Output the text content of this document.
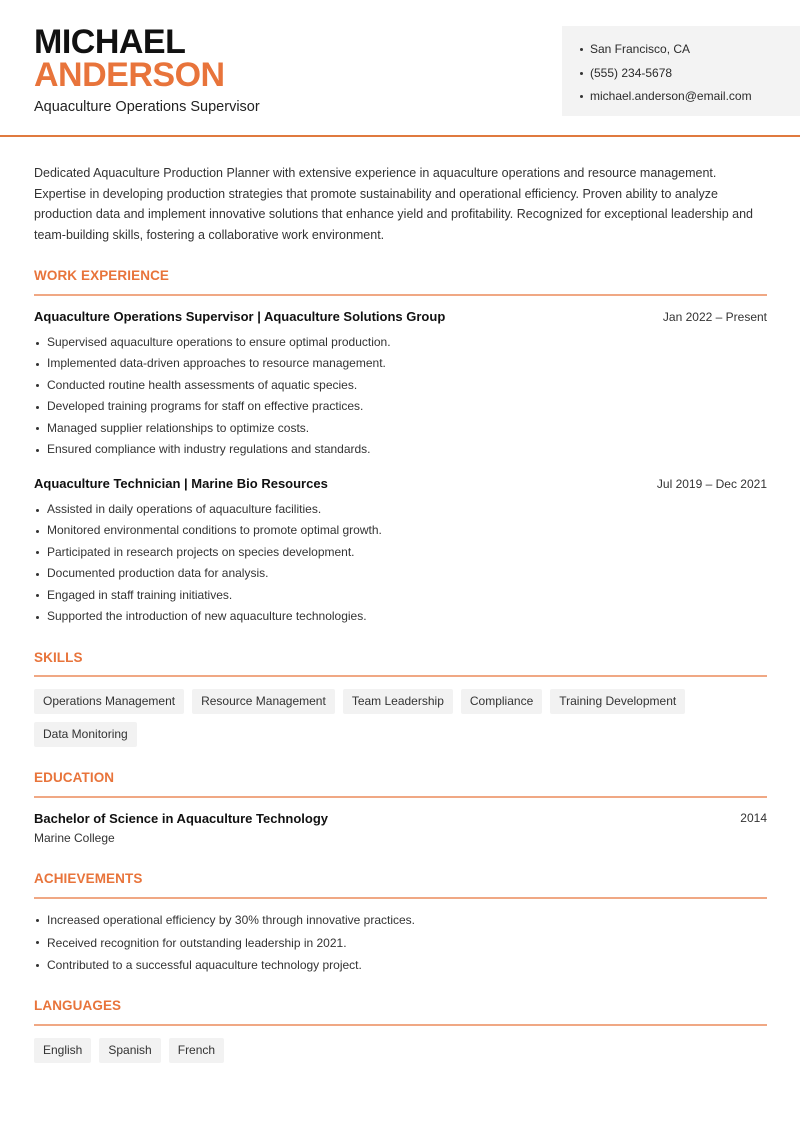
MICHAEL
ANDERSON
Aquaculture Operations Supervisor
San Francisco, CA
(555) 234-5678
michael.anderson@email.com

Dedicated Aquaculture Production Planner with extensive experience in aquaculture operations and resource management. Expertise in developing production strategies that promote sustainability and operational efficiency. Proven ability to analyze production data and implement innovative solutions that enhance yield and profitability. Recognized for exceptional leadership and team-building skills, fostering a collaborative work environment.

WORK EXPERIENCE
Aquaculture Operations Supervisor | Aquaculture Solutions Group	Jan 2022 – Present
Supervised aquaculture operations to ensure optimal production.
Implemented data-driven approaches to resource management.
Conducted routine health assessments of aquatic species.
Developed training programs for staff on effective practices.
Managed supplier relationships to optimize costs.
Ensured compliance with industry regulations and standards.
Aquaculture Technician | Marine Bio Resources	Jul 2019 – Dec 2021
Assisted in daily operations of aquaculture facilities.
Monitored environmental conditions to promote optimal growth.
Participated in research projects on species development.
Documented production data for analysis.
Engaged in staff training initiatives.
Supported the introduction of new aquaculture technologies.
SKILLS
Operations Management	Resource Management	Team Leadership	Compliance	Training Development
Data Monitoring
EDUCATION
Bachelor of Science in Aquaculture Technology
Marine College
2014
ACHIEVEMENTS
Increased operational efficiency by 30% through innovative practices.
Received recognition for outstanding leadership in 2021.
Contributed to a successful aquaculture technology project.
LANGUAGES
English	Spanish	French
